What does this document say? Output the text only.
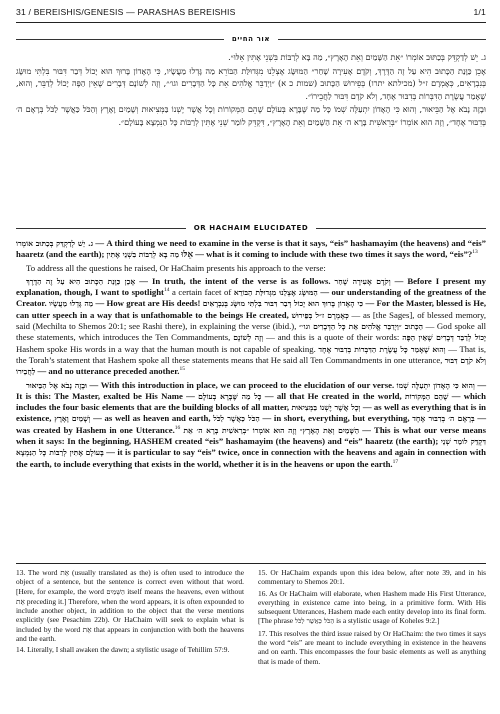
31 / BEREISHIS/GENESIS — PARASHAS BEREISHIS	1/1
אור החיים

ג. יֵשׁ לְדַקְדֵּק בְּכַתּוּב אוֹמְרוֹ ״אֵת הַשָּׁמַיִם וְאֵת הָאָרֶץ״, מַה בָּא לְרַבּוֹת בִּשְׁנֵי אֶתִּין אֵלּוּ״.

אָכֵן כַּוָּנַת הַכָּתוּב הִיא עַל זֶה הַדֶּרֶךְ, וְקֹדֶם אָעִירָה שָׁחַר״ הַמּוּשָּׂג אֶצְלֵנוּ מִגְּדוּלַּת הַבּוֹרֵא מַה גָּדְלוּ מַעֲשָׂיו, כִּי הָאָדוֹן בָּרוּךְ הוּא יָכוֹל דְּבַר דִּבּוּר בִּלְתִּי מוּשָּׂג בְּנִבְרָאִים, כְּאָמְרָם ז״ל (מכילתא יתרו) בְּפֵירוּשׁ הַכָּתוּב (שמות כ א) ״וַיְדַבֵּר אֱלֹהִים אֵת כָּל הַדְּבָרִים וגו׳״, וְזֶה לְשׁוֹנָם דְּבָרִים שֶׁאֵין הַפֶּה יָכוֹל לְדַבֵּר, וְהוּא, שֶׁאָמַר עֲשֶׂרֶת הַדִּבְּרוֹת בְּדִבּוּר אֶחָד, וְלֹא קֹדֶם דִּבּוּר לַחֲבֵירוֹ״.

וּבָזֶה נָבֹא אֶל הַבֵּיאוּר, וְהוּא כִּי הָאָדוֹן יִתְעַלֶּה שְׁמוֹ כָּל מַה שֶּׁבָּרָא בְּעוֹלָם שֶׁהֵם הַמְּקוֹרוֹת וְכָל אֲשֶׁר יֶשְׁנוֹ בַּמְּצִיאוּת וְשָׁמַיִם וָאָרֶץ וְהַכֹּל כַּאֲשֶׁר לַכֹּל בְּרָאָם ה׳ בְּדִבּוּר אֶחָד״, וְזֶה הוּא אוֹמְרוֹ ״בְּרֵאשִׁית בָּרָא ה׳ אֵת הַשָּׁמַיִם וְאֵת הָאָרֶץ״, דִּקְדֵּק לוֹמַר שְׁנֵי אֶתִּין לְרַבּוֹת כָּל הַנִּמְצָא בָּעוֹלָם״.

OR HACHAIM ELUCIDATED

ג. יֵשׁ לְדַקְדֵּק בְּכַתּוּב אוֹמְרוֹ — A third thing we need to examine in the verse is that it says, “eis” hashamayim (the heavens) and “eis” haaretz (and the earth); מַה בָּא לְרַבּוֹת בִּשְׁנֵי אֶתִּין אֵלּוּ — what is it coming to include with these two times it says the word, “eis”?$^{13}$

To address all the questions he raised, Or HaChaim presents his approach to the verse:

אָכֵן כַּוָּנַת הַכָּתוּב הִיא עַל זֶה הַדֶּרֶךְ — In truth, the intent of the verse is as follows. וְקֹדֶם אָעִירָה שָׁחַר — Before I present my explanation, though, I want to spotlight$^{14}$ a certain facet of הַמּוּשָּׂג אֶצְלֵנוּ מִגְּדוּלַּת הַבּוֹרֵא — our understanding of the greatness of the Creator. מַה גָּדְלוּ מַעֲשָׂיו — How great are His deeds! כִּי הָאָדוֹן בָּרוּךְ הוּא יָכוֹל דְּבַר דִּבּוּר בִּלְתִּי מוּשָּׂג בְּנִבְרָאִים — For the Master, blessed is He, can utter speech in a way that is unfathomable to the beings He created, כְּאָמְרָם ז״ל בְּפֵירוּשׁ — as [the Sages], of blessed memory, said (Mechilta to Shemos 20:1; see Rashi there), in explaining the verse (ibid.), הַכָּתוּב ״וַיְדַבֵּר אֱלֹהִים אֵת כָּל הַדְּבָרִים וגו׳״ — God spoke all these statements, which introduces the Ten Commandments, וְזֶה לְשׁוֹנָם — and this is a quote of their words: דְּבָרִים שֶׁאֵין הַפֶּה יָכוֹל לְדַבֵּר Hashem spoke His words in a way that the human mouth is not capable of speaking. וְהוּא שֶׁאָמַר כָּל עֲשֶׂרֶת הַדִּבְּרוֹת בְּדִבּוּר אֶחָד — That is, the Torah’s statement that Hashem spoke all these statements means that He said all Ten Commandments in one utterance, וְלֹא קֹדֶם דִּבּוּר לַחֲבֵירוֹ — and no utterance preceded another.$^{15}$

וּבָזֶה נָבֹא אֶל הַבֵּיאוּר — With this introduction in place, we can proceed to the elucidation of our verse. וְהוּא כִּי הָאָדוֹן יִתְעַלֶּה שְׁמוֹ — It is this: The Master, exalted be His Name — כָּל מַה שֶּׁבָּרָא בְּעוֹלָם — all that He created in the world, שֶׁהֵם הַמְּקוֹרוֹת — which includes the four basic elements that are the building blocks of all matter, וְכָל אֲשֶׁר יֶשְׁנוֹ בַּמְּצִיאוּת — as well as everything that is in existence, וְשָׁמַיִם וָאָרֶץ — as well as heaven and earth, הַכֹּל כַּאֲשֶׁר לַכֹּל — in short, everything, but everything, בְּרָאָם ה׳ בְּדִבּוּר אֶחָד — was created by Hashem in one Utterance.$^{16}$ וְזֶה הוּא אוֹמְרוֹ ״בְּרֵאשִׁית בָּרָא ה׳ אֵת הַשָּׁמַיִם וְאֵת הָאָרֶץ״ — This is what our verse means when it says: In the beginning, HASHEM created “eis” hashamayim (the heavens) and “eis” haaretz (the earth); דִּקְדֵּק לוֹמַר שְׁנֵי אֶתִּין לְרַבּוֹת כָּל הַנִּמְצָא בָּעוֹלָם — it is particular to say “eis” twice, once in connection with the heavens and again in connection with the earth, to include everything that exists in the world, whether it is in the heavens or upon the earth.$^{17}$

13. The word אֵת (usually translated as the) is often used to introduce the object of a sentence, but the sentence is correct even without that word. [Here, for example, the word הַשָּׁמַיִם itself means the heavens, even without אֵת preceding it.] Therefore, when the word appears, it is often expounded to include another object, in addition to the object that the verse mentions explicitly (see Pesachim 22b). Or HaChaim will seek to explain what is included by the word אֵת that appears in conjunction with both the heavens and the earth.

14. Literally, I shall awaken the dawn; a stylistic usage of Tehillim 57:9.

15. Or HaChaim expands upon this idea below, after note 39, and in his commentary to Shemos 20:1.

16. As Or HaChaim will elaborate, when Hashem made His First Utterance, everything in existence came into being, in a primitive form. With His subsequent Utterances, Hashem made each entity develop into its final form. [The phrase הַכֹּל כַּאֲשֶׁר לַכֹּל is a stylistic usage of Koheles 9:2.]

17. This resolves the third issue raised by Or HaChaim: the two times it says the word “eis” are meant to include everything in existence in the heavens and on earth. This encompasses the four basic elements as well as anything that is made of them.
